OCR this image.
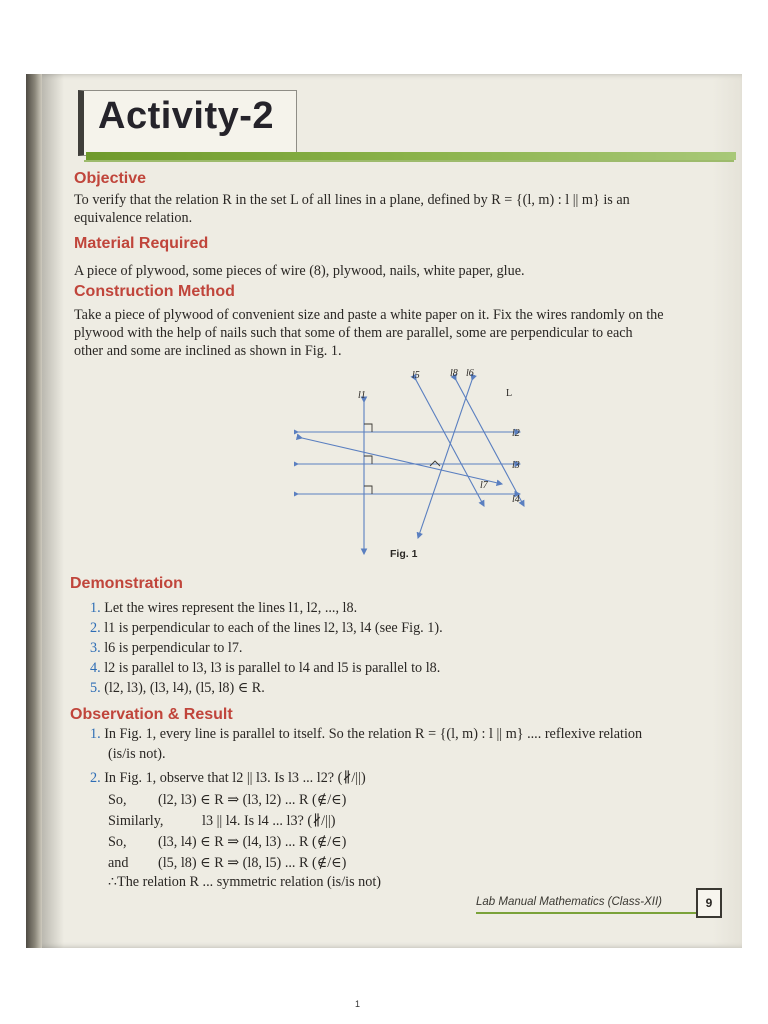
Activity-2
Objective
To verify that the relation R in the set L of all lines in a plane, defined by R = {(l, m) : l || m} is an
equivalence relation.
Material Required
A piece of plywood, some pieces of wire (8), plywood, nails, white paper, glue.
Construction Method
Take a piece of plywood of convenient size and paste a white paper on it. Fix the wires randomly on the
plywood with the help of nails such that some of them are parallel, some are perpendicular to each
other and some are inclined as shown in Fig. 1.
l1
l2
l3
l4
l5	l6
l7
l8
L
Fig. 1
Demonstration
1. Let the wires represent the lines l1, l2, ..., l8.
2. l1 is perpendicular to each of the lines l2, l3, l4 (see Fig. 1).
3. l6 is perpendicular to l7.
4. l2 is parallel to l3, l3 is parallel to l4 and l5 is parallel to l8.
5. (l2, l3), (l3, l4), (l5, l8) ∈ R.
Observation & Result
1. In Fig. 1, every line is parallel to itself. So the relation R = {(l, m) : l || m} .... reflexive relation
(is/is not).
2. In Fig. 1, observe that l2 || l3. Is l3 ... l2? (∦/||)
So, (l2, l3) ∈ R ⇒ (l3, l2) ... R (∉/∈)
Similarly,	l3 || l4. Is l4 ... l3? (∦/||)
So, (l3, l4) ∈ R ⇒ (l4, l3) ... R (∉/∈)
and (l5, l8) ∈ R ⇒ (l8, l5) ... R (∉/∈)
∴The relation R ... symmetric relation (is/is not)
Lab Manual Mathematics (Class-XII)	9
1
